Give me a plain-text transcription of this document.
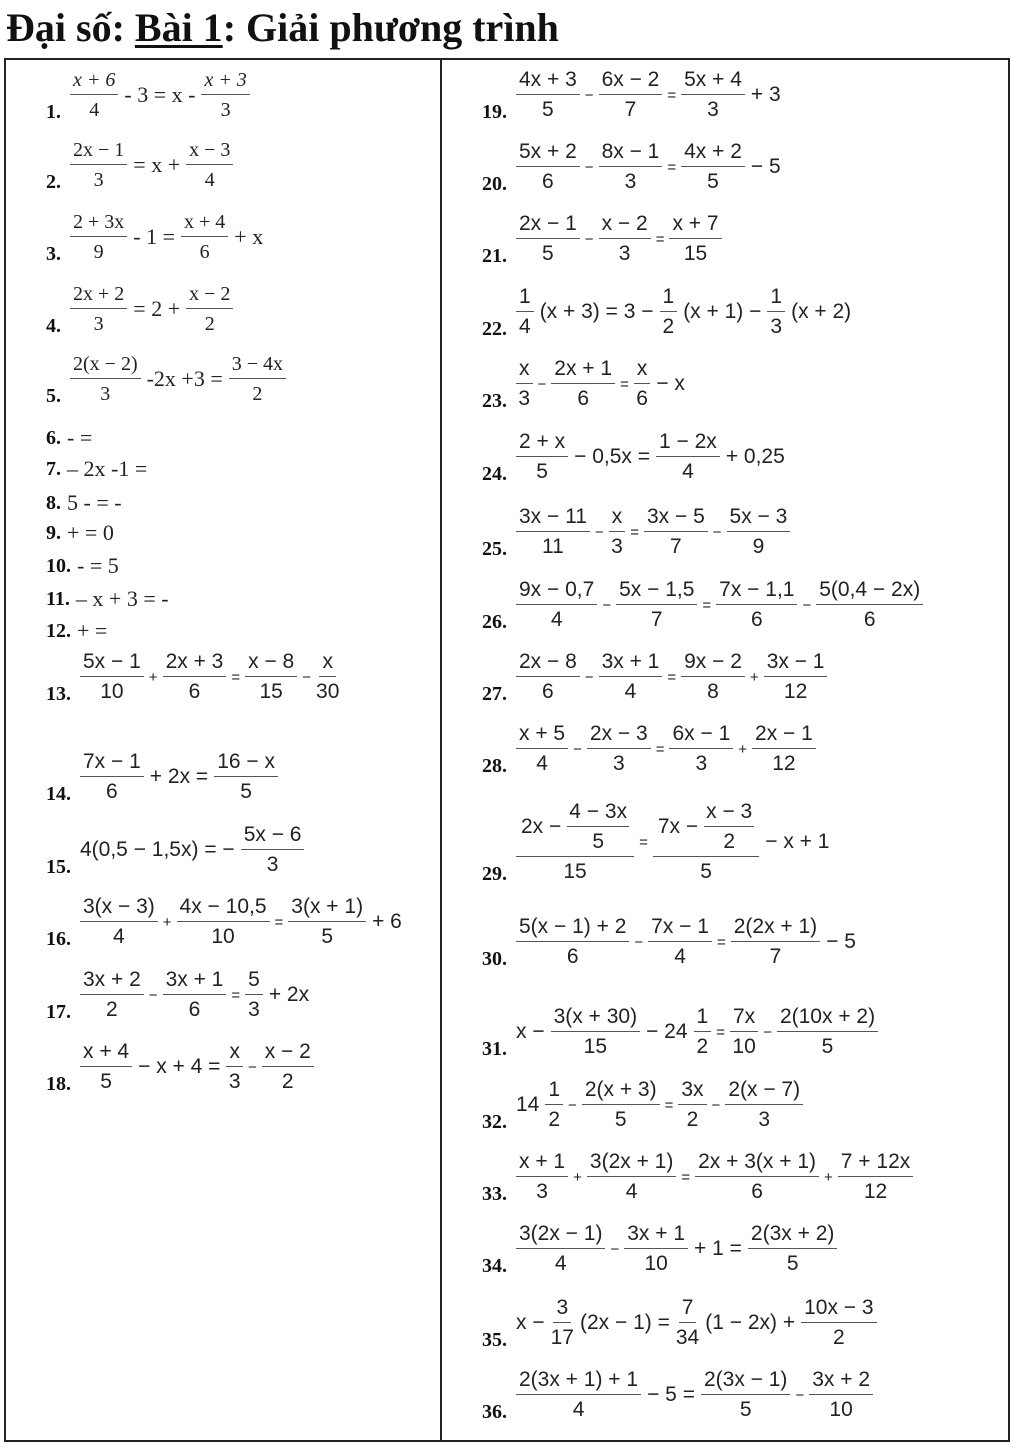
Đại số: Bài 1: Giải phương trình
1. $\frac{x + 6}{4} - 3 = x - \frac{x + 3}{3}$
2. $\frac{2x - 1}{3} = x + \frac{x - 3}{4}$
3. $\frac{2 + 3x}{9} - 1 = \frac{x + 4}{6} + x$
4. $\frac{2x + 2}{3} = 2 + \frac{x - 2}{2}$
5. $\frac{2(x - 2)}{3} -2x +3 = \frac{3 - 4x}{2}$
6. - =
7. – 2x -1 =
8. 5 - = -
9. + = 0
10. - = 5
11. – x + 3 = -
12. + =
13. $\frac{5x - 1}{10} + \frac{2x + 3}{6} = \frac{x - 8}{15} - \frac{x}{30}$
14. $\frac{7x - 1}{6} + 2x = \frac{16 - x}{5}$
15.
4(0,5 − 1,5x) = − $\frac{5x - 6}{3}$
16. $\frac{3(x - 3)}{4} + \frac{4x - 10,5}{10} = \frac{3(x + 1)}{5} + 6$
17. $\frac{3x + 2}{2} - \frac{3x + 1}{6} = \frac{5}{3} + 2x$
18. $\frac{x + 4}{5} - x + 4 = \frac{x}{3} - \frac{x - 2}{2}$
19. $\frac{4x + 3}{5} - \frac{6x - 2}{7} = \frac{5x + 4}{3} + 3$
20. $\frac{5x + 2}{6} - \frac{8x - 1}{3} = \frac{4x + 2}{5} - 5$
21. $\frac{2x - 1}{5} - \frac{x - 2}{3} = \frac{x + 7}{15}$
22. $\frac{1}{4} (x + 3) = 3 - \frac{1}{2} (x + 1) - \frac{1}{3} (x + 2)$
23. $\frac{x}{3} - \frac{2x + 1}{6} = \frac{x}{6} - x$
24. $\frac{2 + x}{5} - 0,5x = \frac{1 - 2x}{4} + 0,25$
25. $\frac{3x - 11}{11} - \frac{x}{3} = \frac{3x - 5}{7} - \frac{5x - 3}{9}$
26. $\frac{9x - 0,7}{4} - \frac{5x - 1,5}{7} = \frac{7x - 1,1}{6} - \frac{5(0,4 - 2x)}{6}$
27. $\frac{2x - 8}{6} - \frac{3x + 1}{4} = \frac{9x - 2}{8} + \frac{3x - 1}{12}$
28. $\frac{x + 5}{4} - \frac{2x - 3}{3} = \frac{6x - 1}{3} + \frac{2x - 1}{12}$
29. $\frac{2x - \frac{4 - 3x}{5}}{15} = \frac{7x - \frac{x - 3}{2}}{5} - x + 1$
30. $\frac{5(x - 1) + 2}{6} - \frac{7x - 1}{4} = \frac{2(2x + 1)}{7} - 5$
31.
$x - \frac{3(x + 30)}{15} - 24 \frac{1}{2} = \frac{7x}{10} - \frac{2(10x + 2)}{5}$
32.
$14 \frac{1}{2} - \frac{2(x + 3)}{5} = \frac{3x}{2} - \frac{2(x - 7)}{3}$
33. $\frac{x + 1}{3} + \frac{3(2x + 1)}{4} = \frac{2x + 3(x + 1)}{6} + \frac{7 + 12x}{12}$
34. $\frac{3(2x - 1)}{4} - \frac{3x + 1}{10} + 1 = \frac{2(3x + 2)}{5}$
35.
$x - \frac{3}{17} (2x - 1) = \frac{7}{34} (1 - 2x) + \frac{10x - 3}{2}$
36. $\frac{2(3x + 1) + 1}{4} - 5 = \frac{2(3x - 1)}{5} - \frac{3x + 2}{10}$
